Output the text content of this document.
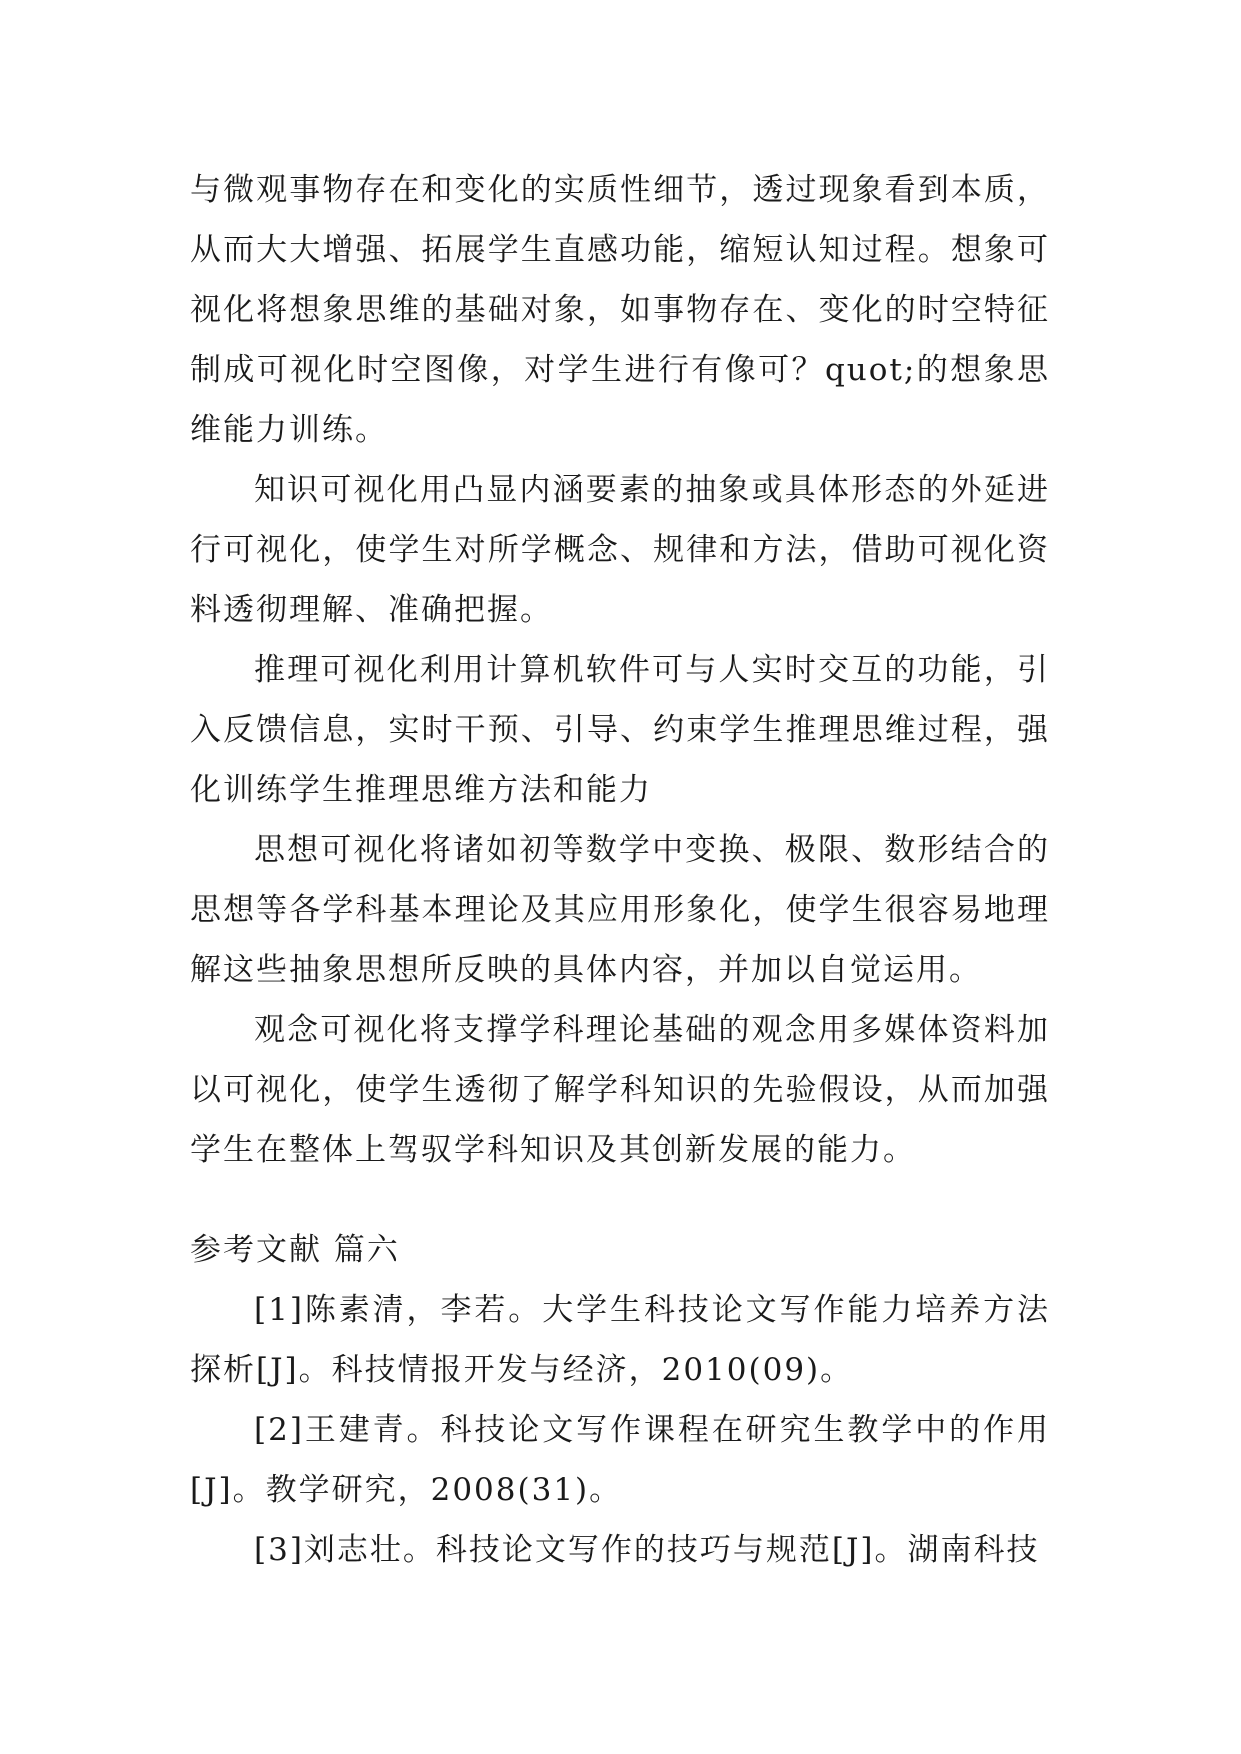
与微观事物存在和变化的实质性细节，透过现象看到本质，从而大大增强、拓展学生直感功能，缩短认知过程。想象可视化将想象思维的基础对象，如事物存在、变化的时空特征制成可视化时空图像，对学生进行有像可？quot;的想象思维能力训练。

知识可视化用凸显内涵要素的抽象或具体形态的外延进行可视化，使学生对所学概念、规律和方法，借助可视化资料透彻理解、准确把握。

推理可视化利用计算机软件可与人实时交互的功能，引入反馈信息，实时干预、引导、约束学生推理思维过程，强化训练学生推理思维方法和能力

思想可视化将诸如初等数学中变换、极限、数形结合的思想等各学科基本理论及其应用形象化，使学生很容易地理解这些抽象思想所反映的具体内容，并加以自觉运用。

观念可视化将支撑学科理论基础的观念用多媒体资料加以可视化，使学生透彻了解学科知识的先验假设，从而加强学生在整体上驾驭学科知识及其创新发展的能力。

参考文献 篇六

[1]陈素清，李若。大学生科技论文写作能力培养方法探析[J]。科技情报开发与经济，2010(09)。

[2]王建青。科技论文写作课程在研究生教学中的作用[J]。教学研究，2008(31)。

[3]刘志壮。科技论文写作的技巧与规范[J]。湖南科技
